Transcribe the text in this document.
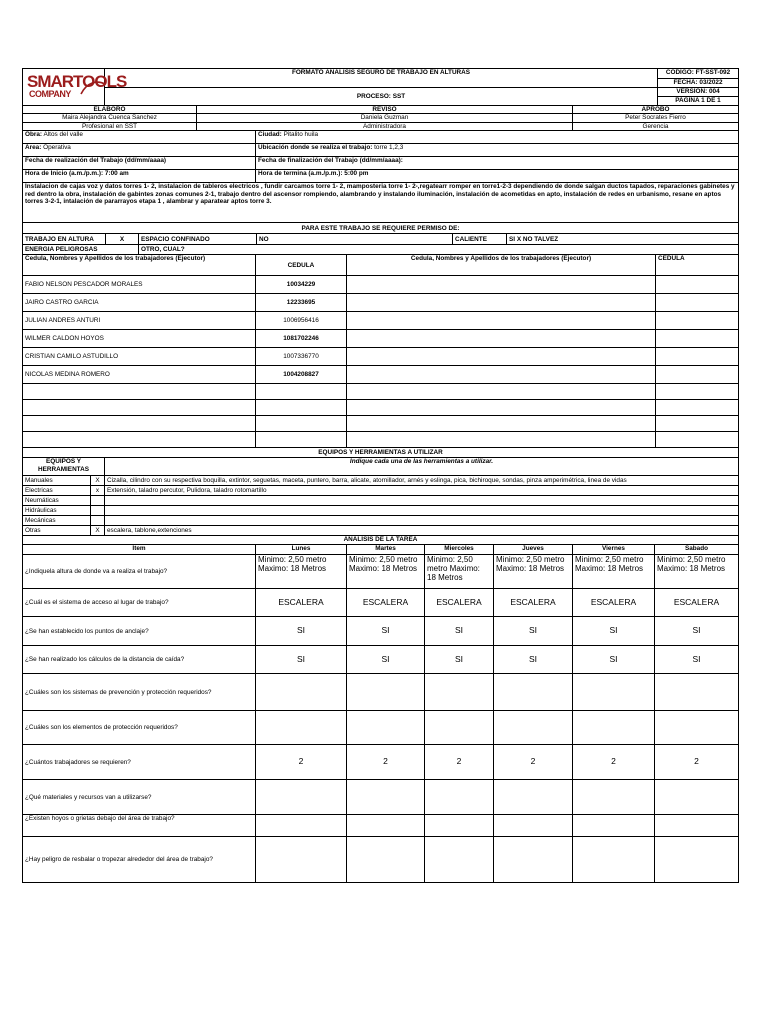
SMARTOOLS
COMPANY	FORMATO ANALISIS SEGURO DE TRABAJO EN ALTURAS	CODIGO: FT-SST-092
		FECHA: 03/2022
	PROCESO: SST	VERSION: 004
		PAGINA 1 DE 1
ELABORO	REVISO	APROBO
Maira Alejandra Cuenca Sanchez	Daniela Guzman	Peter Socrates Fierro
Profesional en SST	Administradora	Gerencia
Obra: Altos del valle	Ciudad: Pitalito huila
Area: Operativa	Ubicación donde se realiza el trabajo: torre 1,2,3
Fecha de realización del Trabajo (dd/mm/aaaa)	Fecha de finalización del Trabajo (dd/mm/aaaa):
Hora de Inicio (a.m./p.m.): 7:00 am	Hora de termina (a.m./p.m.): 5:00 pm
Instalacion de cajas voz y datos torres 1- 2, instalacion de tableros electricos , fundir carcamos torre 1- 2, mamposteria torre 1- 2-,regatearr romper en torre1-2-3 dependiendo de donde salgan ductos tapados, reparaciones gabinetes y red dentro la obra, instalación de gabintes zonas comunes 2-1, trabajo dentro del ascensor rompiendo, alambrando y instalando iluminación, instalación de acometidas en apto, instalación de redes en urbanismo, resane en aptos torres 3-2-1, intalación de pararrayos etapa 1 , alambrar y aparatear aptos torre 3.	
PARA ESTE TRABAJO SE REQUIERE PERMISO DE:					
TRABAJO EN ALTURA	X	ESPACIO CONFINADO	NO	CALIENTE	SI X NO TALVEZ
ENERGIA PELIGROSAS		OTRO, CUAL?			
Cedula, Nombres y Apellidos de los trabajadores (Ejecutor)	CEDULA	Cedula, Nombres y Apellidos de los trabajadores (Ejecutor)	CEDULA
FABIO NELSON PESCADOR MORALES	10034229		
JAIRO CASTRO GARCIA	12233695		
JULIAN ANDRES ANTURI	1006956416		
WILMER CALDON HOYOS	1081702246		
CRISTIAN CAMILO ASTUDILLO	1007336770		
NICOLAS MEDINA ROMERO	1004208827		

EQUIPOS Y HERRAMIENTAS A UTILIZAR		
EQUIPOS Y HERRAMIENTAS		Indique cada una de las herramientas a utilizar.
Manuales	X	Cizalla, cilindro con su respectiva boquilla, extintor, seguetas, maceta, puntero, barra, alicate, atornillador, arnés y eslinga, pica, bichiroque, sondas, pinza amperimétrica, linea de vidas
Electricas	x	Extensión, taladro percutor, Pulidora, taladro rotomartillo
Neumáticas		
Hidráulicas		
Mecánicas		
Otras	X	escalera, tablone,extenciones
ANALISIS DE LA TAREA						
Item	Lunes	Martes	Miercoles	Jueves	Viernes	Sabado
¿Indiquela altura de donde va a realiza el trabajo?	Minimo: 2,50 metro Maximo: 18 Metros	Minimo: 2,50 metro Maximo: 18 Metros	Minimo: 2,50 metro Maximo: 18 Metros	Minimo: 2,50 metro Maximo: 18 Metros	Minimo: 2,50 metro Maximo: 18 Metros	Minimo: 2,50 metro Maximo: 18 Metros
¿Cuál es el sistema de acceso al lugar de trabajo?	ESCALERA	ESCALERA	ESCALERA	ESCALERA	ESCALERA	ESCALERA
¿Se han establecido los puntos de anclaje?	SI	SI	SI	SI	SI	SI
¿Se han realizado los cálculos de la distancia de caída?	SI	SI	SI	SI	SI	SI
¿Cuáles son los sistemas de prevención y protección requeridos?						
¿Cuáles son los elementos de protección requeridos?						
¿Cuántos trabajadores se requieren?	2	2	2	2	2	2
¿Qué materiales y recursos van a utilizarse?						
¿Existen hoyos o grietas debajo del área de trabajo?						
¿Hay peligro de resbalar o tropezar alrededor del área de trabajo?						
